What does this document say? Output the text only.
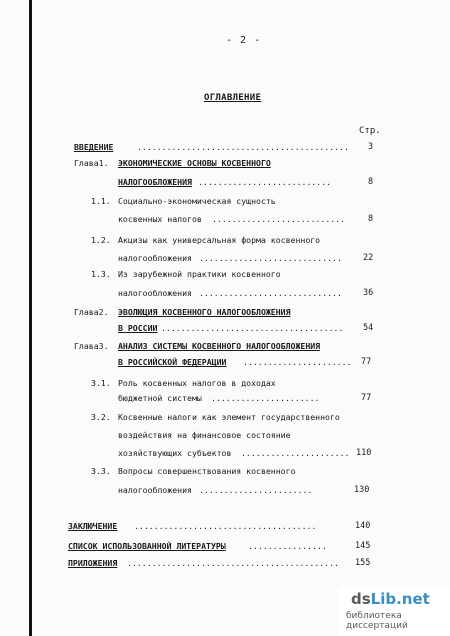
- 2 -
ОГЛАВЛЕНИЕ
Стр.
ВВЕДЕНИЕ	........................................... 3
Глава1. ЭКОНОМИЧЕСКИЕ ОСНОВЫ КОСВЕННОГО
НАЛОГООБЛОЖЕНИЯ ...........................	8
1.1. Социально-экономическая сущность
косвенных налогов ...........................	8
1.2. Акцизы как универсальная форма косвенного
налогообложения ............................. 22
1.3. Из зарубежной практики косвенного
налогообложения ............................. 36
Глава2. ЭВОЛЮЦИЯ КОСВЕННОГО НАЛОГООБЛОЖЕНИЯ
В РОССИИ ..................................... 54
Глава3. АНАЛИЗ СИСТЕМЫ КОСВЕННОГО НАЛОГООБЛОЖЕНИЯ
В РОССИЙСКОЙ ФЕДЕРАЦИИ ...................... 77
3.1. Роль косвенных налогов в доходах
бюджетной системы ......................	77
3.2. Косвенные налоги как элемент государственного
воздействия на финансовое состояние
хозяйствующих субъектов ...................... 110
3.3. Вопросы совершенствования косвенного
налогообложения .......................	130
ЗАКЛЮЧЕНИЕ .....................................	140
СПИСОК ИСПОЛЬЗОВАННОЙ ЛИТЕРАТУРЫ	................	145
ПРИЛОЖЕНИЯ ........................................... 155
dsLib.net
библиотека диссертаций
